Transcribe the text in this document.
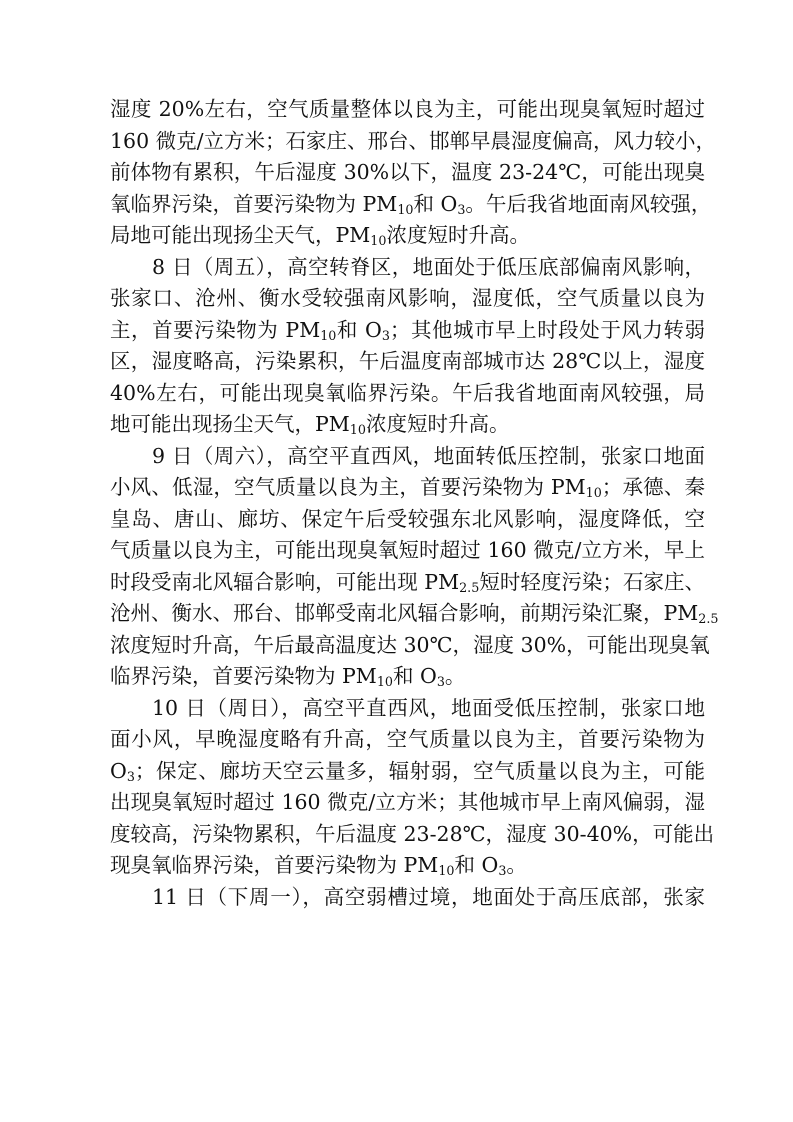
湿度 20%左右，空气质量整体以良为主，可能出现臭氧短时超过

160 微克/立方米；石家庄、邢台、邯郸早晨湿度偏高，风力较小，

前体物有累积，午后湿度 30%以下，温度 23-24℃，可能出现臭

氧临界污染，首要污染物为 $PM_{10}$和 $O_3$。午后我省地面南风较强，

局地可能出现扬尘天气，$PM_{10}$浓度短时升高。

8 日（周五），高空转脊区，地面处于低压底部偏南风影响，

张家口、沧州、衡水受较强南风影响，湿度低，空气质量以良为

主，首要污染物为 $PM_{10}$和 $O_3$；其他城市早上时段处于风力转弱

区，湿度略高，污染累积，午后温度南部城市达 28℃以上，湿度

40%左右，可能出现臭氧临界污染。午后我省地面南风较强，局

地可能出现扬尘天气，$PM_{10}$浓度短时升高。

9 日（周六），高空平直西风，地面转低压控制，张家口地面

小风、低湿，空气质量以良为主，首要污染物为 $PM_{10}$；承德、秦

皇岛、唐山、廊坊、保定午后受较强东北风影响，湿度降低，空

气质量以良为主，可能出现臭氧短时超过 160 微克/立方米，早上

时段受南北风辐合影响，可能出现 $PM_{2.5}$短时轻度污染；石家庄、

沧州、衡水、邢台、邯郸受南北风辐合影响，前期污染汇聚，$PM_{2.5}$

浓度短时升高，午后最高温度达 30℃，湿度 30%，可能出现臭氧

临界污染，首要污染物为 $PM_{10}$和 $O_3$。

10 日（周日），高空平直西风，地面受低压控制，张家口地

面小风，早晚湿度略有升高，空气质量以良为主，首要污染物为

$O_3$；保定、廊坊天空云量多，辐射弱，空气质量以良为主，可能

出现臭氧短时超过 160 微克/立方米；其他城市早上南风偏弱，湿

度较高，污染物累积，午后温度 23-28℃，湿度 30-40%，可能出

现臭氧临界污染，首要污染物为 $PM_{10}$和 $O_3$。

11 日（下周一），高空弱槽过境，地面处于高压底部，张家
